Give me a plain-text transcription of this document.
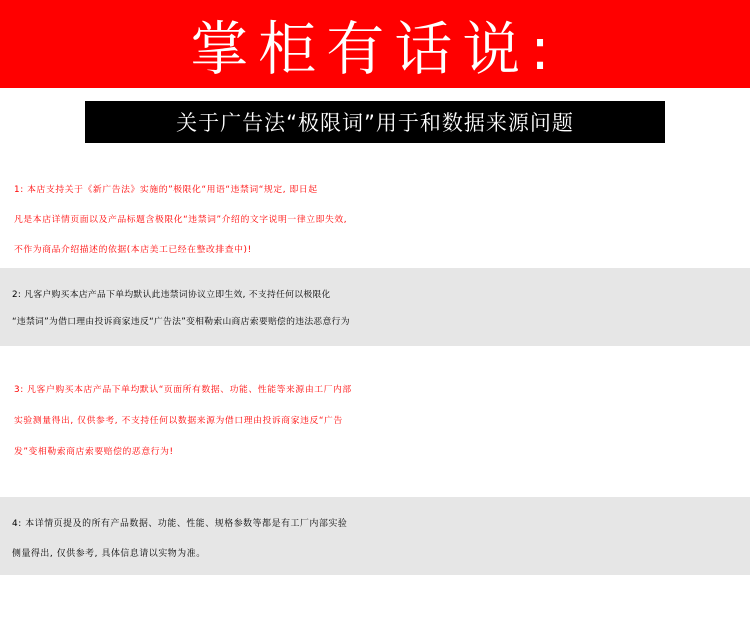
掌柜有话说:
关于广告法“极限词”用于和数据来源问题
1: 本店支持关于《新广告法》实施的”极限化“用语“违禁词“规定, 即日起
凡是本店详情页面以及产品标题含极限化“违禁词”介绍的文字说明一律立即失效,
不作为商品介绍描述的依据(本店美工已经在整改排查中)!
2: 凡客户购买本店产品下单均默认此违禁词协议立即生效, 不支持任何以极限化
“违禁词”为借口理由投诉商家违反“广告法”变相勒索山商店索要赔偿的违法恶意行为
3: 凡客户购买本店产品下单均默认“页面所有数据、功能、性能等来源由工厂内部
实验测量得出, 仅供参考, 不支持任何以数据来源为借口理由投诉商家违反“广告
发”变相勒索商店索要赔偿的恶意行为!
4: 本详情页提及的所有产品数据、功能、性能、规格参数等都是有工厂内部实验
侧量得出, 仅供参考, 具体信息请以实物为准。
